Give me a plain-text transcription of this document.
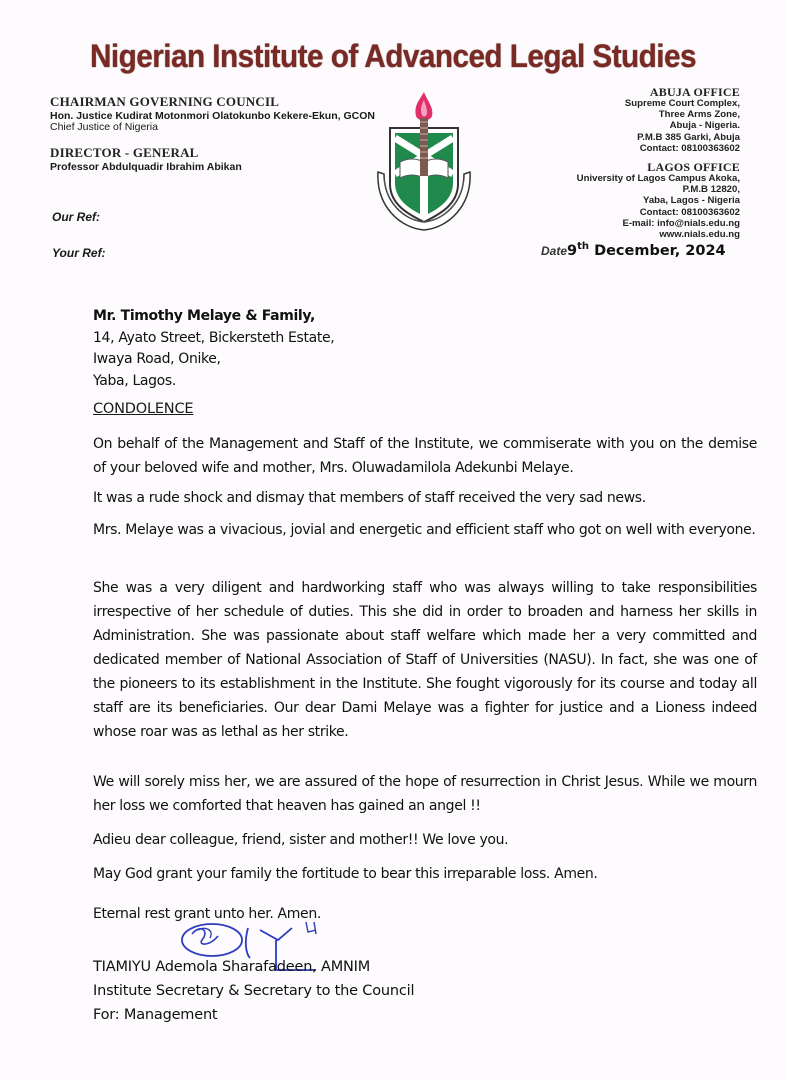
Nigerian Institute of Advanced Legal Studies
CHAIRMAN GOVERNING COUNCIL
Hon. Justice Kudirat Motonmori Olatokunbo Kekere-Ekun, GCON
Chief Justice of Nigeria
DIRECTOR - GENERAL
Professor Abdulquadir Ibrahim Abikan
ABUJA OFFICE
Supreme Court Complex,
Three Arms Zone,
Abuja - Nigeria.
P.M.B 385 Garki, Abuja
Contact: 08100363602
LAGOS OFFICE
University of Lagos Campus Akoka,
P.M.B 12820,
Yaba, Lagos - Nigeria
Contact: 08100363602
E-mail: info@nials.edu.ng
www.nials.edu.ng
Our Ref:
Your Ref:	Date9th December, 2024
Mr. Timothy Melaye & Family,
14, Ayato Street, Bickersteth Estate,
Iwaya Road, Onike,
Yaba, Lagos.
CONDOLENCE
On behalf of the Management and Staff of the Institute, we commiserate with you on the demise of your beloved wife and mother, Mrs. Oluwadamilola Adekunbi Melaye.
It was a rude shock and dismay that members of staff received the very sad news.
Mrs. Melaye was a vivacious, jovial and energetic and efficient staff who got on well with everyone.
She was a very diligent and hardworking staff who was always willing to take responsibilities irrespective of her schedule of duties. This she did in order to broaden and harness her skills in Administration. She was passionate about staff welfare which made her a very committed and dedicated member of National Association of Staff of Universities (NASU). In fact, she was one of the pioneers to its establishment in the Institute. She fought vigorously for its course and today all staff are its beneficiaries. Our dear Dami Melaye was a fighter for justice and a Lioness indeed whose roar was as lethal as her strike.
We will sorely miss her, we are assured of the hope of resurrection in Christ Jesus. While we mourn her loss we comforted that heaven has gained an angel !!
Adieu dear colleague, friend, sister and mother!! We love you.
May God grant your family the fortitude to bear this irreparable loss. Amen.
Eternal rest grant unto her. Amen.
TIAMIYU Ademola Sharafadeen, AMNIM
Institute Secretary & Secretary to the Council
For: Management
